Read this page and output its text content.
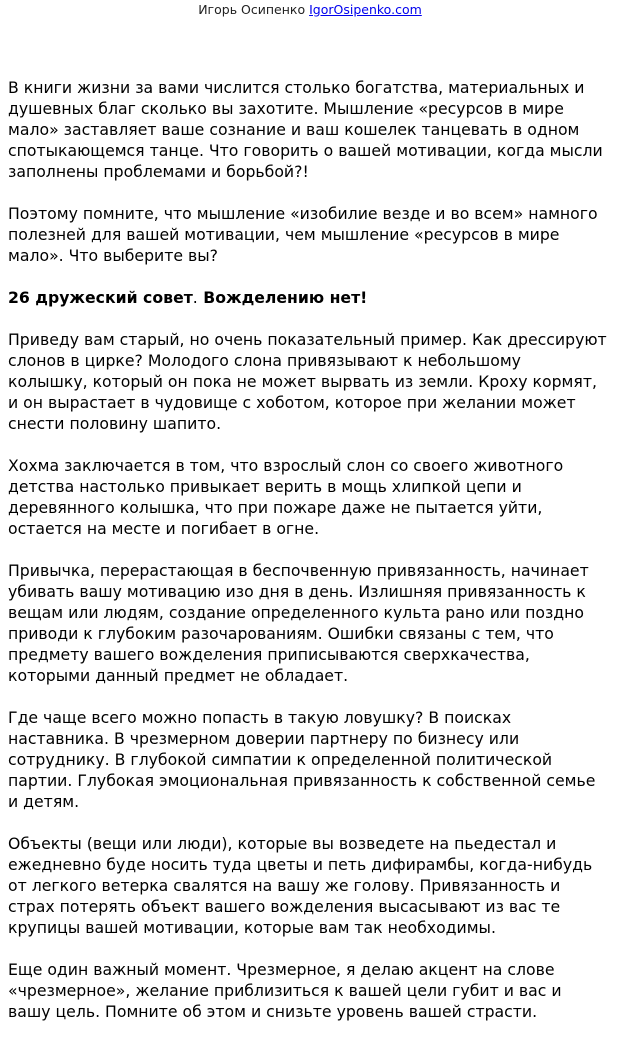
Игорь Осипенко IgorOsipenko.com

В книги жизни за вами числится столько богатства, материальных и
душевных благ сколько вы захотите. Мышление «ресурсов в мире
мало» заставляет ваше сознание и ваш кошелек танцевать в одном
спотыкающемся танце. Что говорить о вашей мотивации, когда мысли
заполнены проблемами и борьбой?!

Поэтому помните, что мышление «изобилие везде и во всем» намного
полезней для вашей мотивации, чем мышление «ресурсов в мире
мало». Что выберите вы?

26 дружеский совет. Вожделению нет!

Приведу вам старый, но очень показательный пример. Как дрессируют
слонов в цирке? Молодого слона привязывают к небольшому
колышку, который он пока не может вырвать из земли. Кроху кормят,
и он вырастает в чудовище с хоботом, которое при желании может
снести половину шапито.

Хохма заключается в том, что взрослый слон со своего животного
детства настолько привыкает верить в мощь хлипкой цепи и
деревянного колышка, что при пожаре даже не пытается уйти,
остается на месте и погибает в огне.

Привычка, перерастающая в беспочвенную привязанность, начинает
убивать вашу мотивацию изо дня в день. Излишняя привязанность к
вещам или людям, создание определенного культа рано или поздно
приводи к глубоким разочарованиям. Ошибки связаны с тем, что
предмету вашего вожделения приписываются сверхкачества,
которыми данный предмет не обладает.

Где чаще всего можно попасть в такую ловушку? В поисках
наставника. В чрезмерном доверии партнеру по бизнесу или
сотруднику. В глубокой симпатии к определенной политической
партии. Глубокая эмоциональная привязанность к собственной семье
и детям.

Объекты (вещи или люди), которые вы возведете на пьедестал и
ежедневно буде носить туда цветы и петь дифирамбы, когда-нибудь
от легкого ветерка свалятся на вашу же голову. Привязанность и
страх потерять объект вашего вожделения высасывают из вас те
крупицы вашей мотивации, которые вам так необходимы.

Еще один важный момент. Чрезмерное, я делаю акцент на слове
«чрезмерное», желание приблизиться к вашей цели губит и вас и
вашу цель. Помните об этом и снизьте уровень вашей страсти.
